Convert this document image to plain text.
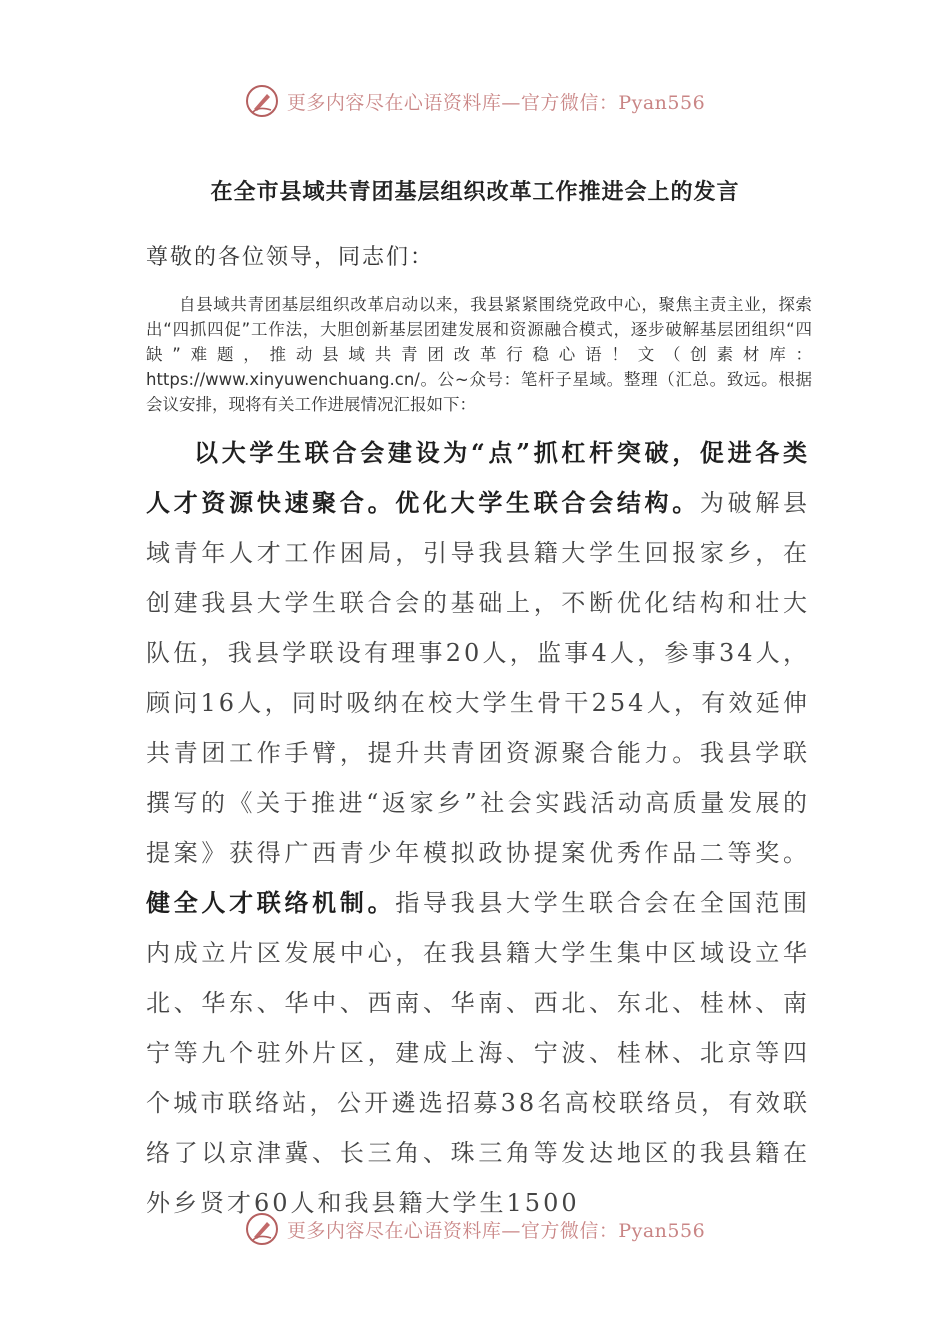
更多内容尽在心语资料库—官方微信：Pyan556
在全市县域共青团基层组织改革工作推进会上的发言
尊敬的各位领导，同志们：
自县域共青团基层组织改革启动以来，我县紧紧围绕党政中心，聚焦主责主业，探索出“四抓四促”工作法，大胆创新基层团建发展和资源融合模式，逐步破解基层团组织“四缺”难题，推动县域共青团改革行稳心语！文（创素材库：https://www.xinyuwenchuang.cn/。公~众号：笔杆子星域。整理（汇总。致远。根据会议安排，现将有关工作进展情况汇报如下：
以大学生联合会建设为“点”抓杠杆突破，促进各类人才资源快速聚合。优化大学生联合会结构。为破解县域青年人才工作困局，引导我县籍大学生回报家乡，在创建我县大学生联合会的基础上，不断优化结构和壮大队伍，我县学联设有理事20人，监事4人，参事34人，顾问16人，同时吸纳在校大学生骨干254人，有效延伸共青团工作手臂，提升共青团资源聚合能力。我县学联撰写的《关于推进“返家乡”社会实践活动高质量发展的提案》获得广西青少年模拟政协提案优秀作品二等奖。健全人才联络机制。指导我县大学生联合会在全国范围内成立片区发展中心，在我县籍大学生集中区域设立华北、华东、华中、西南、华南、西北、东北、桂林、南宁等九个驻外片区，建成上海、宁波、桂林、北京等四个城市联络站，公开遴选招募38名高校联络员，有效联络了以京津冀、长三角、珠三角等发达地区的我县籍在外乡贤才60人和我县籍大学生1500
更多内容尽在心语资料库—官方微信：Pyan556
